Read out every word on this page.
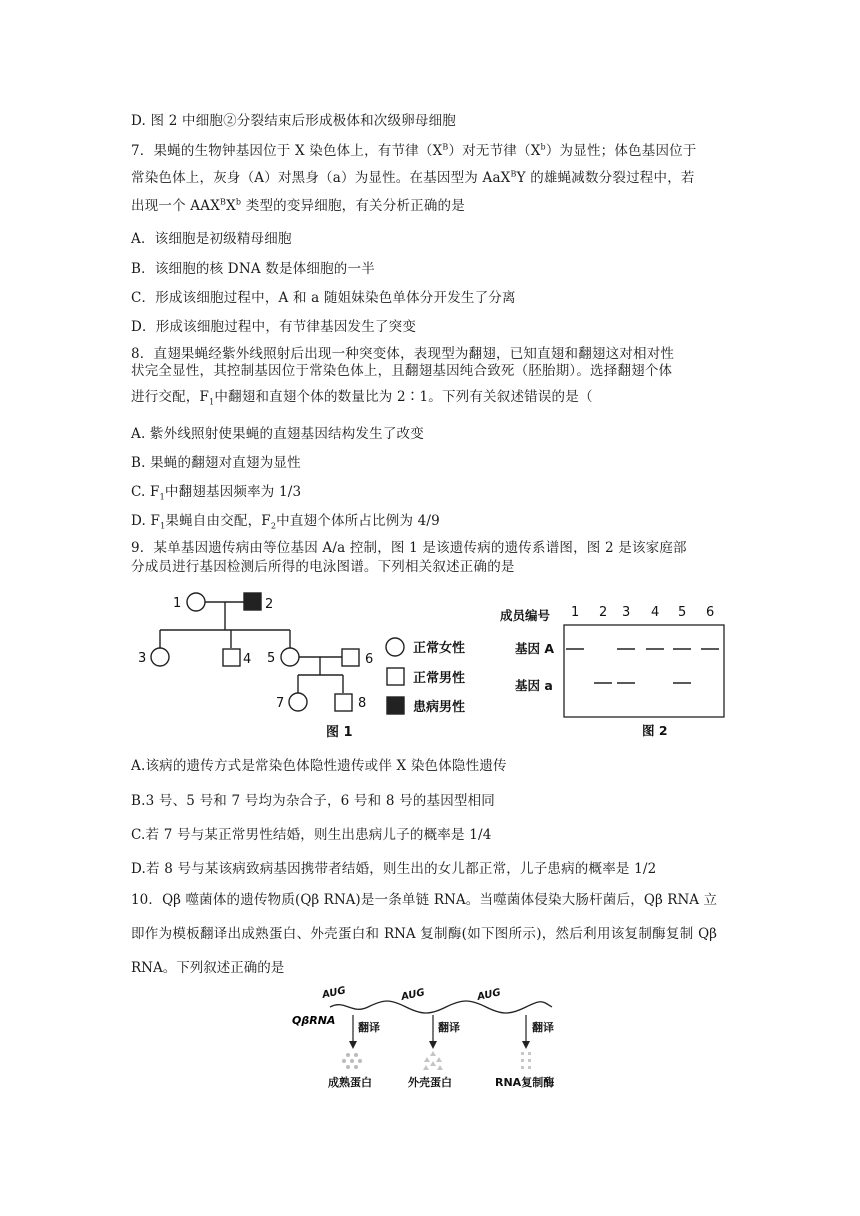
D. 图 2 中细胞②分裂结束后形成极体和次级卵母细胞
7．果蝇的生物钟基因位于 X 染色体上，有节律$(X^B)$对无节律$(X^b)$为显性；体色基因位于
常染色体上，灰身（A）对黑身（a）为显性。在基因型为 AaX$^B$Y 的雄蝇减数分裂过程中，若
出现一个 $AAX^BX^b$ 类型的变异细胞，有关分析正确的是
A．该细胞是初级精母细胞
B．该细胞的核 DNA 数是体细胞的一半
C．形成该细胞过程中，A 和 a 随姐妹染色单体分开发生了分离
D．形成该细胞过程中，有节律基因发生了突变
8．直翅果蝇经紫外线照射后出现一种突变体，表现型为翻翅，已知直翅和翻翅这对相对性
状完全显性，其控制基因位于常染色体上，且翻翅基因纯合致死（胚胎期）。选择翻翅个体
进行交配，$F_1$中翻翅和直翅个体的数量比为 2∶1。下列有关叙述错误的是（
A. 紫外线照射使果蝇的直翅基因结构发生了改变
B. 果蝇的翻翅对直翅为显性
C. $F_1$中翻翅基因频率为 1/3
D. $F_1$果蝇自由交配，$F_2$中直翅个体所占比例为 4/9
9．某单基因遗传病由等位基因 A/a 控制，图 1 是该遗传病的遗传系谱图，图 2 是该家庭部
分成员进行基因检测后所得的电泳图谱。下列相关叙述正确的是
1	2
3	4 5	6
7	8
正常女性
正常男性
患病男性
图 1
成员编号
基因 A
基因 a
图 2
1 2 3 4 5 6
A.该病的遗传方式是常染色体隐性遗传或伴 X 染色体隐性遗传
B.3 号、5 号和 7 号均为杂合子，6 号和 8 号的基因型相同
C.若 7 号与某正常男性结婚，则生出患病儿子的概率是 1/4
D.若 8 号与某该病致病基因携带者结婚，则生出的女儿都正常，儿子患病的概率是 1/2
10．Qβ 噬菌体的遗传物质(Qβ RNA)是一条单链 RNA。当噬菌体侵染大肠杆菌后，Qβ RNA 立即作为模板翻译出成熟蛋白、外壳蛋白和 RNA 复制酶(如下图所示)，然后利用该复制酶复制 Qβ RNA。下列叙述正确的是
AUG	AUG	AUG
QβRNA
翻译	翻译	翻译
成熟蛋白	外壳蛋白	RNA复制酶
